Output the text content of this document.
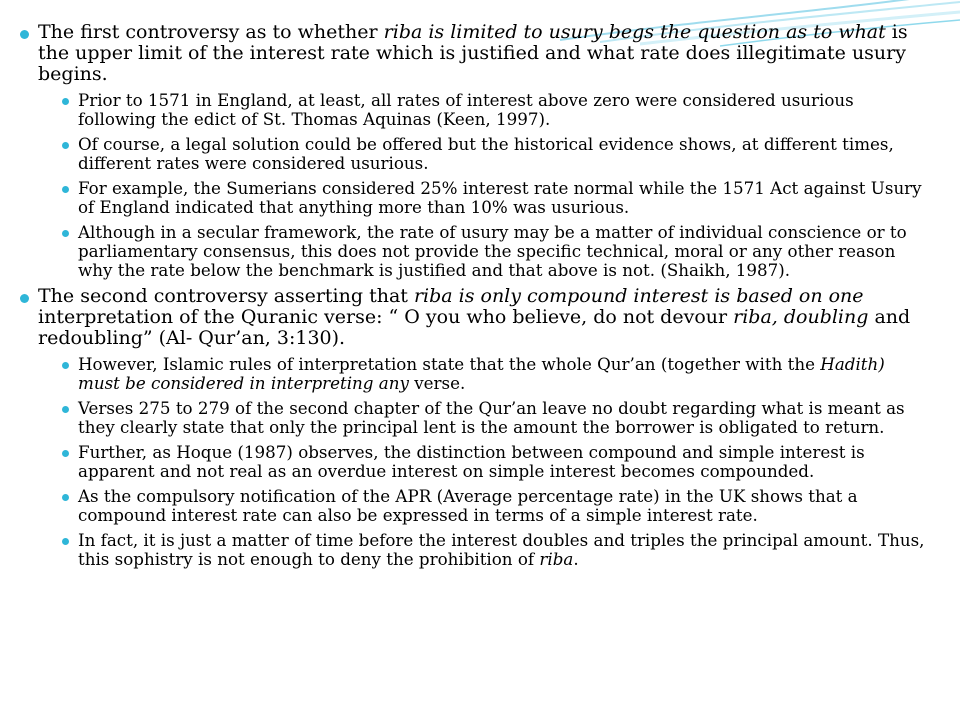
The first controversy as to whether riba is limited to usury begs the question as to what is the upper limit of the interest rate which is justified and what rate does illegitimate usury begins.
Prior to 1571 in England, at least, all rates of interest above zero were considered usurious following the edict of St. Thomas Aquinas (Keen, 1997).
Of course, a legal solution could be offered but the historical evidence shows, at different times, different rates were considered usurious.
For example, the Sumerians considered 25% interest rate normal while the 1571 Act against Usury of England indicated that anything more than 10% was usurious.
Although in a secular framework, the rate of usury may be a matter of individual conscience or to parliamentary consensus, this does not provide the specific technical, moral or any other reason why the rate below the benchmark is justified and that above is not. (Shaikh, 1987).
The second controversy asserting that riba is only compound interest is based on one interpretation of the Quranic verse: “ O you who believe, do not devour riba, doubling and redoubling” (Al- Qur’an, 3:130).
However, Islamic rules of interpretation state that the whole Qur’an (together with the Hadith) must be considered in interpreting any verse.
Verses 275 to 279 of the second chapter of the Qur’an leave no doubt regarding what is meant as they clearly state that only the principal lent is the amount the borrower is obligated to return.
Further, as Hoque (1987) observes, the distinction between compound and simple interest is apparent and not real as an overdue interest on simple interest becomes compounded.
As the compulsory notification of the APR (Average percentage rate) in the UK shows that a compound interest rate can also be expressed in terms of a simple interest rate.
In fact, it is just a matter of time before the interest doubles and triples the principal amount. Thus, this sophistry is not enough to deny the prohibition of riba.
